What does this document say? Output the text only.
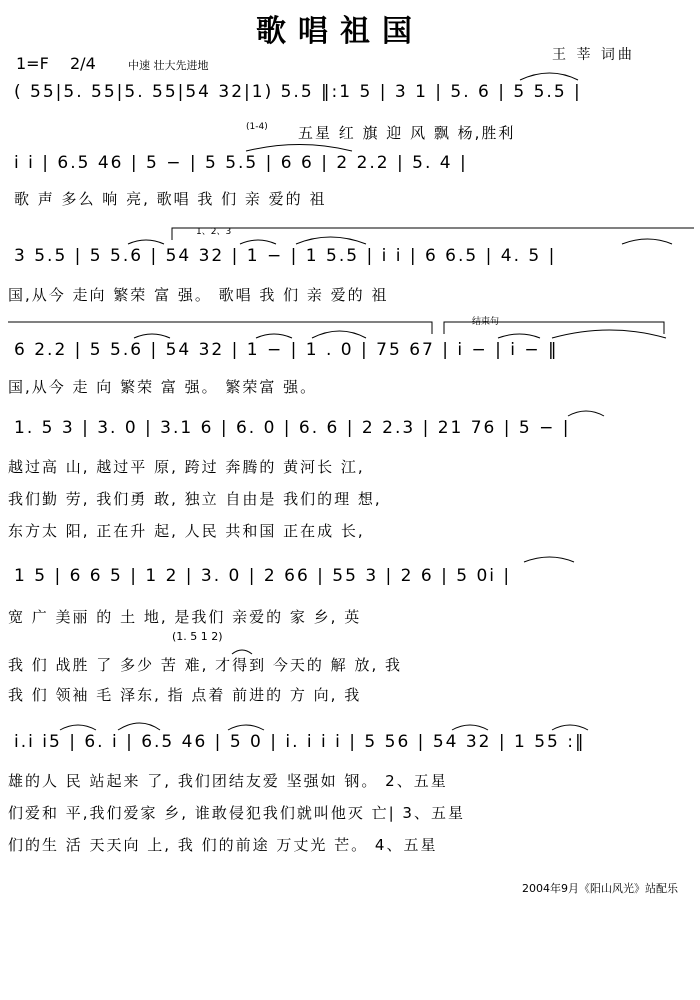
歌唱祖国
王 莘 词曲
1=F 2/4	中速 壮大先进地
(1-4)
( 55|5. 55|5. 55|54 32|1) 5.5 ‖:1 5 | 3 1 | 5. 6 | 5 5.5 |
五星 红 旗 迎 风 飘 杨,胜利
i i | 6.5 46 | 5 − | 5 5.5 | 6 6 | 2 2.2 | 5. 4 |
歌 声 多么 响 亮, 歌唱 我 们 亲 爱的 祖
1、2、3
3 5.5 | 5 5.6 | 54 32 | 1 − | 1 5.5 | i i | 6 6.5 | 4. 5 |
国,从今 走向 繁荣 富 强。 歌唱 我 们 亲 爱的 祖
结束句
6 2.2 | 5 5.6 | 54 32 | 1 − | 1 . 0 | 75 67 | i − | i − ‖
国,从今 走 向 繁荣 富 强。 繁荣富 强。
1. 5 3 | 3. 0 | 3.1 6 | 6. 0 | 6. 6 | 2 2.3 | 21 76 | 5 − |
越过高 山, 越过平 原, 跨过 奔腾的 黄河长 江,
我们勤 劳, 我们勇 敢, 独立 自由是 我们的理 想,
东方太 阳, 正在升 起, 人民 共和国 正在成 长,
1 5 | 6 6 5 | 1 2 | 3. 0 | 2 66 | 55 3 | 2 6 | 5 0i |
宽 广 美丽 的 土 地, 是我们 亲爱的 家 乡, 英
(1. 5 1 2)
我 们 战胜 了 多少 苦 难, 才得到 今天的 解 放, 我
我 们 领袖 毛 泽东, 指 点着 前进的 方 向, 我
i.i i5 | 6. i | 6.5 46 | 5 0 | i. i i i | 5 56 | 54 32 | 1 55 :‖
雄的人 民 站起来 了, 我们团结友爱 坚强如 钢。 2、五星
们爱和 平,我们爱家 乡, 谁敢侵犯我们就叫他灭 亡| 3、五星
们的生 活 天天向 上, 我 们的前途 万丈光 芒。 4、五星
2004年9月《阳山风光》站配乐
